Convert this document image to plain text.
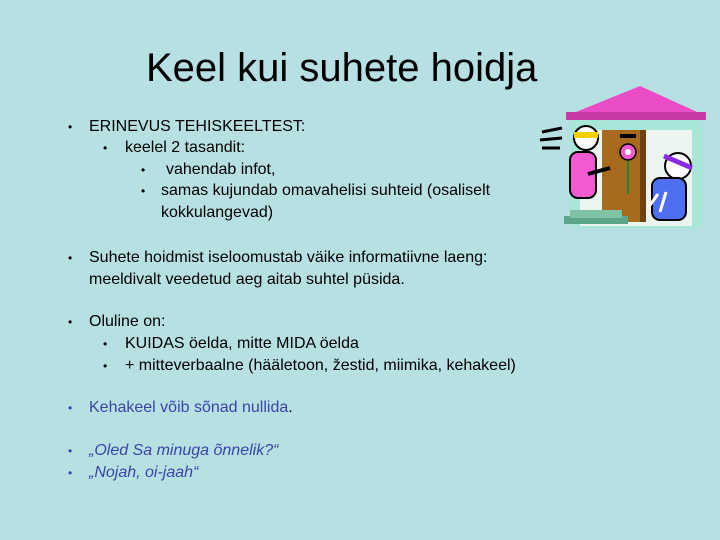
Keel kui suhete hoidja
• ERINEVUS TEHISKEELTEST:
• keelel 2 tasandit:
• vahendab infot,
• samas kujundab omavahelisi suhteid (osaliselt
kokkulangevad)
• Suhete hoidmist iseloomustab väike informatiivne laeng:
meeldivalt veedetud aeg aitab suhtel püsida.
• Oluline on:
• KUIDAS öelda, mitte MIDA öelda
• + mitteverbaalne (hääletoon, žestid, miimika, kehakeel)
• Kehakeel võib sõnad nullida.
• „Oled Sa minuga õnnelik?“
• „Nojah, oi-jaah“
